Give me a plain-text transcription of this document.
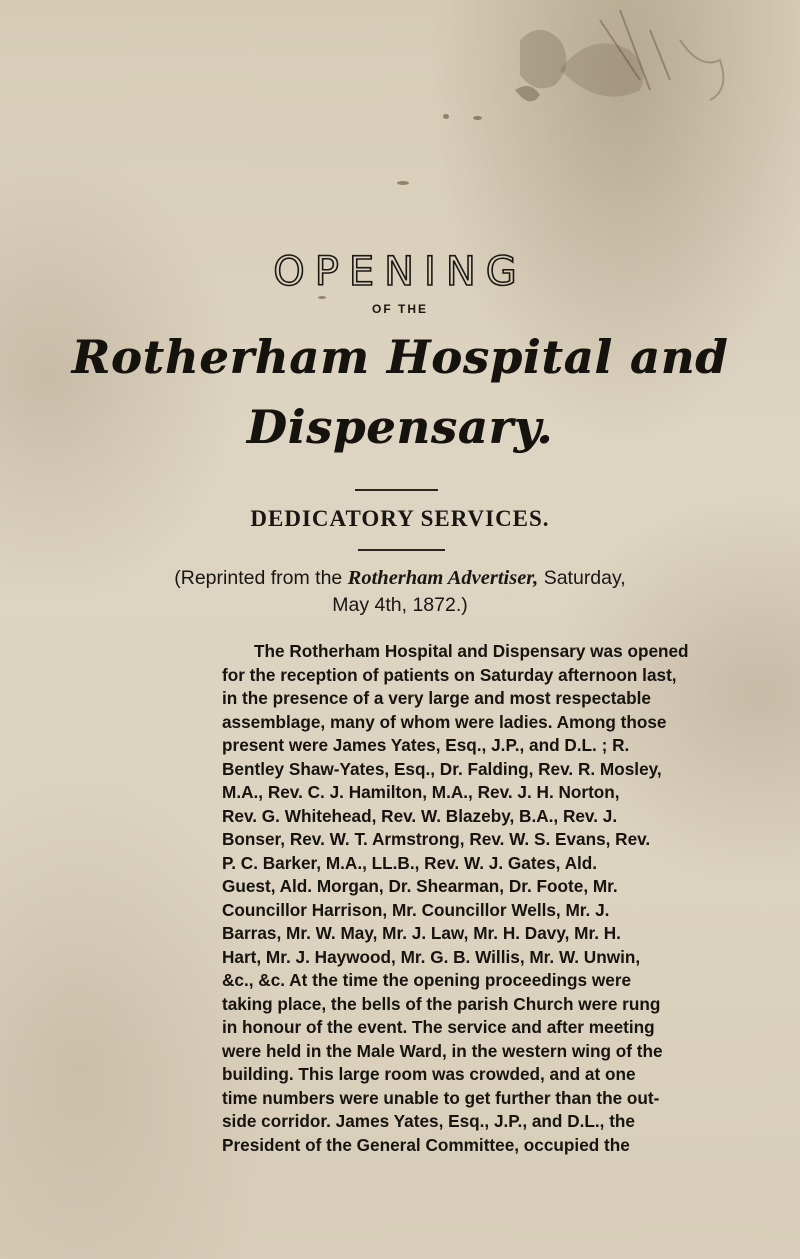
OPENING
OF THE
Rotherham Hospital and
Dispensary.
DEDICATORY SERVICES.
(Reprinted from the Rotherham Advertiser, Saturday,
May 4th, 1872.)
The Rotherham Hospital and Dispensary was opened
for the reception of patients on Saturday afternoon last,
in the presence of a very large and most respectable
assemblage, many of whom were ladies. Among those
present were James Yates, Esq., J.P., and D.L. ; R.
Bentley Shaw-Yates, Esq., Dr. Falding, Rev. R. Mosley,
M.A., Rev. C. J. Hamilton, M.A., Rev. J. H. Norton,
Rev. G. Whitehead, Rev. W. Blazeby, B.A., Rev. J.
Bonser, Rev. W. T. Armstrong, Rev. W. S. Evans, Rev.
P. C. Barker, M.A., LL.B., Rev. W. J. Gates, Ald.
Guest, Ald. Morgan, Dr. Shearman, Dr. Foote, Mr.
Councillor Harrison, Mr. Councillor Wells, Mr. J.
Barras, Mr. W. May, Mr. J. Law, Mr. H. Davy, Mr. H.
Hart, Mr. J. Haywood, Mr. G. B. Willis, Mr. W. Unwin,
&c., &c. At the time the opening proceedings were
taking place, the bells of the parish Church were rung
in honour of the event. The service and after meeting
were held in the Male Ward, in the western wing of the
building. This large room was crowded, and at one
time numbers were unable to get further than the out-
side corridor. James Yates, Esq., J.P., and D.L., the
President of the General Committee, occupied the
